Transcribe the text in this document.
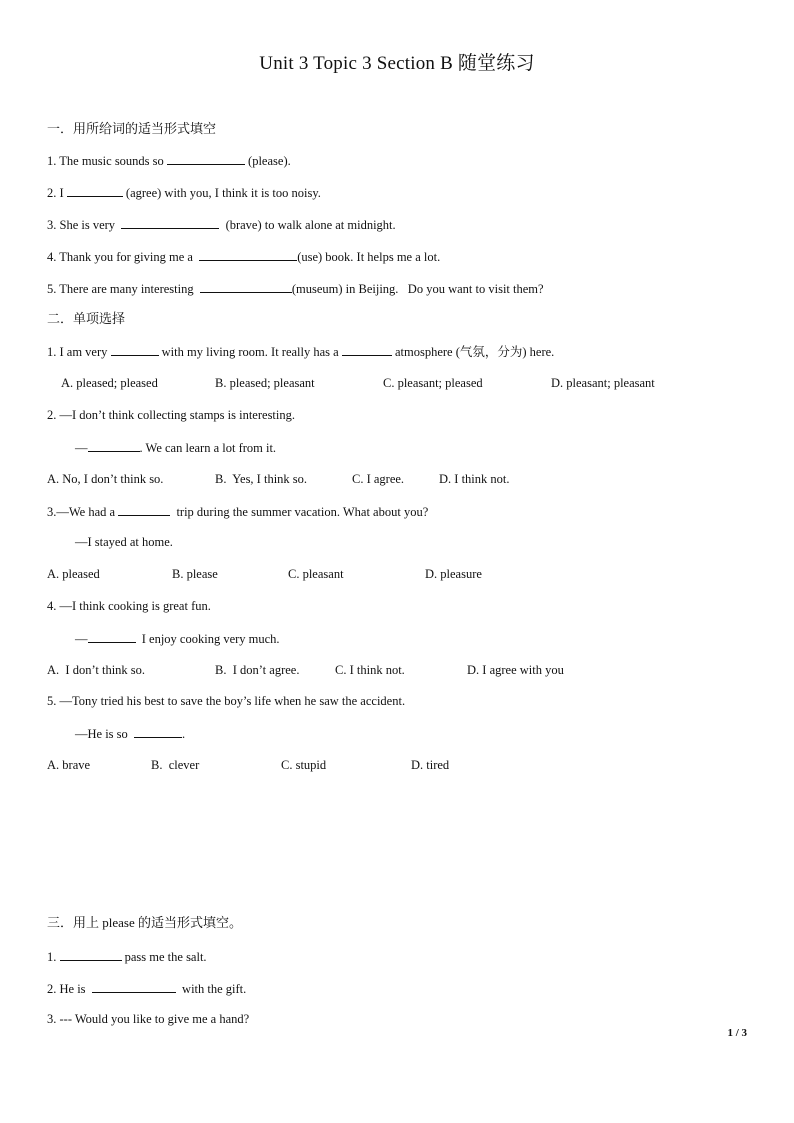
Unit 3 Topic 3 Section B 随堂练习
一．用所给词的适当形式填空
1. The music sounds so	(please).
2. I	(agree) with you, I think it is too noisy.
3. She is very	(brave) to walk alone at midnight.
4. Thank you for giving me a	(use) book. It helps me a lot.
5. There are many interesting	(museum) in Beijing.   Do you want to visit them?
二．单项选择
1. I am very	with my living room. It really has a	atmosphere (气氛，分为) here.
A. pleased; pleased	B. pleased; pleasant	C. pleasant; pleased	D. pleasant; pleasant
2. —I don’t think collecting stamps is interesting.
—	. We can learn a lot from it.
A. No, I don’t think so.	B.  Yes, I think so.	C. I agree.	D. I think not.
3.—We had a	trip during the summer vacation. What about you?
—I stayed at home.
A. pleased	B. please	C. pleasant	D. pleasure
4. —I think cooking is great fun.
—	I enjoy cooking very much.
A.  I don’t think so.	B.  I don’t agree.	C. I think not.	D. I agree with you
5. —Tony tried his best to save the boy’s life when he saw the accident.
—He is so	.
A. brave	B.  clever	C. stupid	D. tired
三．用上 please 的适当形式填空。
1.	pass me the salt.
2. He is	with the gift.
3. --- Would you like to give me a hand?
1 / 3
